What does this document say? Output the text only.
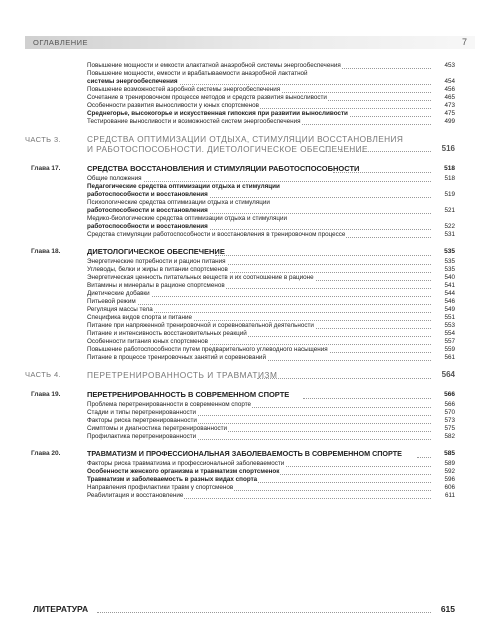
ОГЛАВЛЕНИЕ	7
Повышение мощности и емкости алактатной анаэробной системы энергообеспечения	453
Повышение мощности, емкости и врабатываемости анаэробной лактатной
системы энергообеспечения	454
Повышение возможностей аэробной системы энергообеспечения	456
Сочетание в тренировочном процессе методов и средств развития выносливости	465
Особенности развития выносливости у юных спортсменов	473
Среднегорье, высокогорье и искусственная гипоксия при развитии выносливости	475
Тестирование выносливости и возможностей систем энергообеспечения	499
ЧАСТЬ 3.	СРЕДСТВА ОПТИМИЗАЦИИ ОТДЫХА, СТИМУЛЯЦИИ ВОССТАНОВЛЕНИЯ
И РАБОТОСПОСОБНОСТИ. ДИЕТОЛОГИЧЕСКОЕ ОБЕСПЕЧЕНИЕ	516
Глава 17.	СРЕДСТВА ВОССТАНОВЛЕНИЯ И СТИМУЛЯЦИИ РАБОТОСПОСОБНОСТИ	518
Общие положения	518
Педагогические средства оптимизации отдыха и стимуляции
работоспособности и восстановления	519
Психологические средства оптимизации отдыха и стимуляции
работоспособности и восстановления	521
Медико-биологические средства оптимизации отдыха и стимуляции
работоспособности и восстановления	522
Средства стимуляции работоспособности и восстановления в тренировочном процессе	531
Глава 18.	ДИЕТОЛОГИЧЕСКОЕ ОБЕСПЕЧЕНИЕ	535
Энергетические потребности и рацион питания	535
Углеводы, белки и жиры в питании спортсменов	535
Энергетическая ценность питательных веществ и их соотношение в рационе	540
Витамины и минералы в рационе спортсменов	541
Диетические добавки	544
Питьевой режим	546
Регуляция массы тела	549
Специфика видов спорта и питание	551
Питание при напряженной тренировочной и соревновательной деятельности	553
Питание и интенсивность восстановительных реакций	554
Особенности питания юных спортсменов	557
Повышение работоспособности путем предварительного углеводного насыщения	559
Питание в процессе тренировочных занятий и соревнований	561
ЧАСТЬ 4.	ПЕРЕТРЕНИРОВАННОСТЬ И ТРАВМАТИЗМ	564
Глава 19.	ПЕРЕТРЕНИРОВАННОСТЬ В СОВРЕМЕННОМ СПОРТЕ	566
Проблема перетренированности в современном спорте	566
Стадии и типы перетренированности	570
Факторы риска перетренированности	573
Симптомы и диагностика перетренированности	575
Профилактика перетренированности	582
Глава 20.	ТРАВМАТИЗМ И ПРОФЕССИОНАЛЬНАЯ ЗАБОЛЕВАЕМОСТЬ В СОВРЕМЕННОМ СПОРТЕ	585
Факторы риска травматизма и профессиональной заболеваемости	589
Особенности женского организма и травматизм спортсменок	592
Травматизм и заболеваемость в разных видах спорта	596
Направления профилактики травм у спортсменов	606
Реабилитация и восстановление	611
ЛИТЕРАТУРА	615
